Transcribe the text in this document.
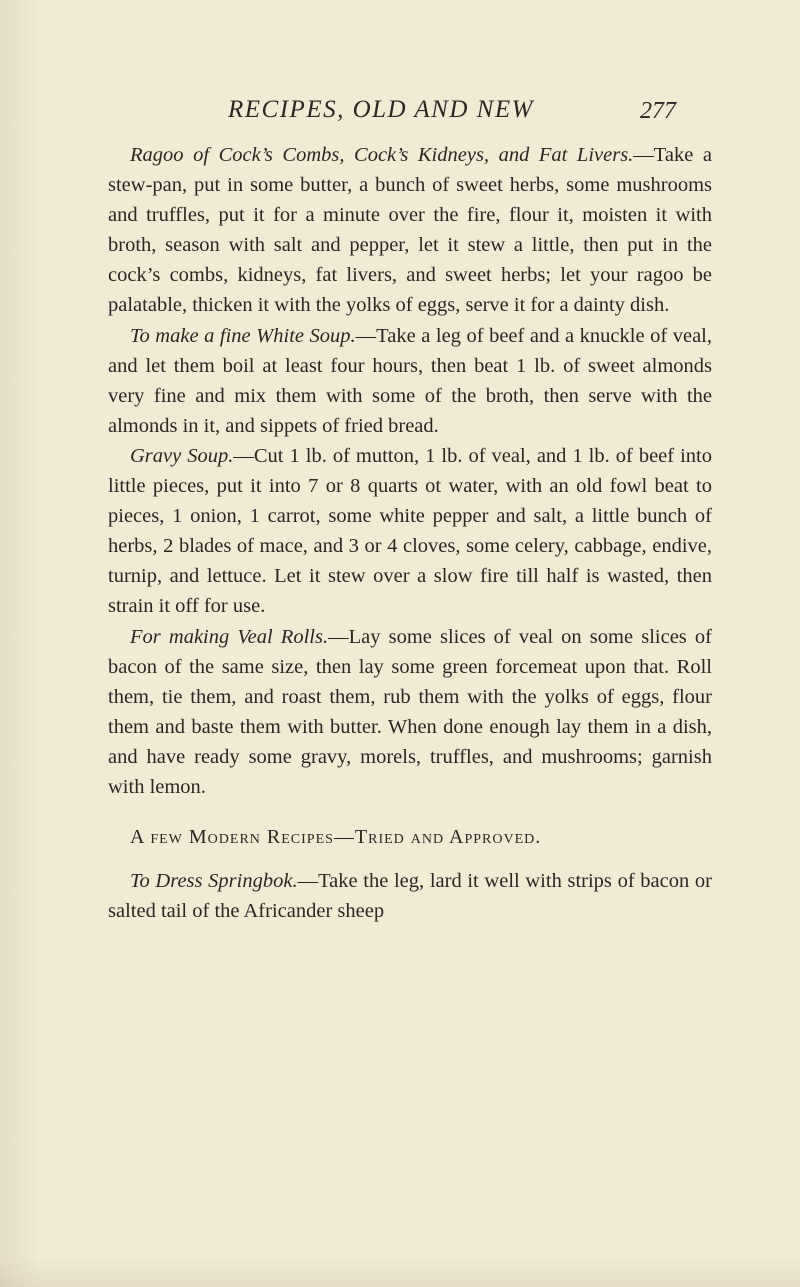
RECIPES, OLD AND NEW	277

Ragoo of Cock’s Combs, Cock’s Kidneys, and Fat Livers.—Take a stew-pan, put in some butter, a bunch of sweet herbs, some mushrooms and truffles, put it for a minute over the fire, flour it, moisten it with broth, season with salt and pepper, let it stew a little, then put in the cock’s combs, kidneys, fat livers, and sweet herbs; let your ragoo be palatable, thicken it with the yolks of eggs, serve it for a dainty dish.

To make a fine White Soup.—Take a leg of beef and a knuckle of veal, and let them boil at least four hours, then beat 1 lb. of sweet almonds very fine and mix them with some of the broth, then serve with the almonds in it, and sippets of fried bread.

Gravy Soup.—Cut 1 lb. of mutton, 1 lb. of veal, and 1 lb. of beef into little pieces, put it into 7 or 8 quarts ot water, with an old fowl beat to pieces, 1 onion, 1 carrot, some white pepper and salt, a little bunch of herbs, 2 blades of mace, and 3 or 4 cloves, some celery, cabbage, endive, turnip, and lettuce. Let it stew over a slow fire till half is wasted, then strain it off for use.

For making Veal Rolls.—Lay some slices of veal on some slices of bacon of the same size, then lay some green forcemeat upon that. Roll them, tie them, and roast them, rub them with the yolks of eggs, flour them and baste them with butter. When done enough lay them in a dish, and have ready some gravy, morels, truffles, and mushrooms; garnish with lemon.

A few Modern Recipes—Tried and Approved.

To Dress Springbok.—Take the leg, lard it well with strips of bacon or salted tail of the Africander sheep
